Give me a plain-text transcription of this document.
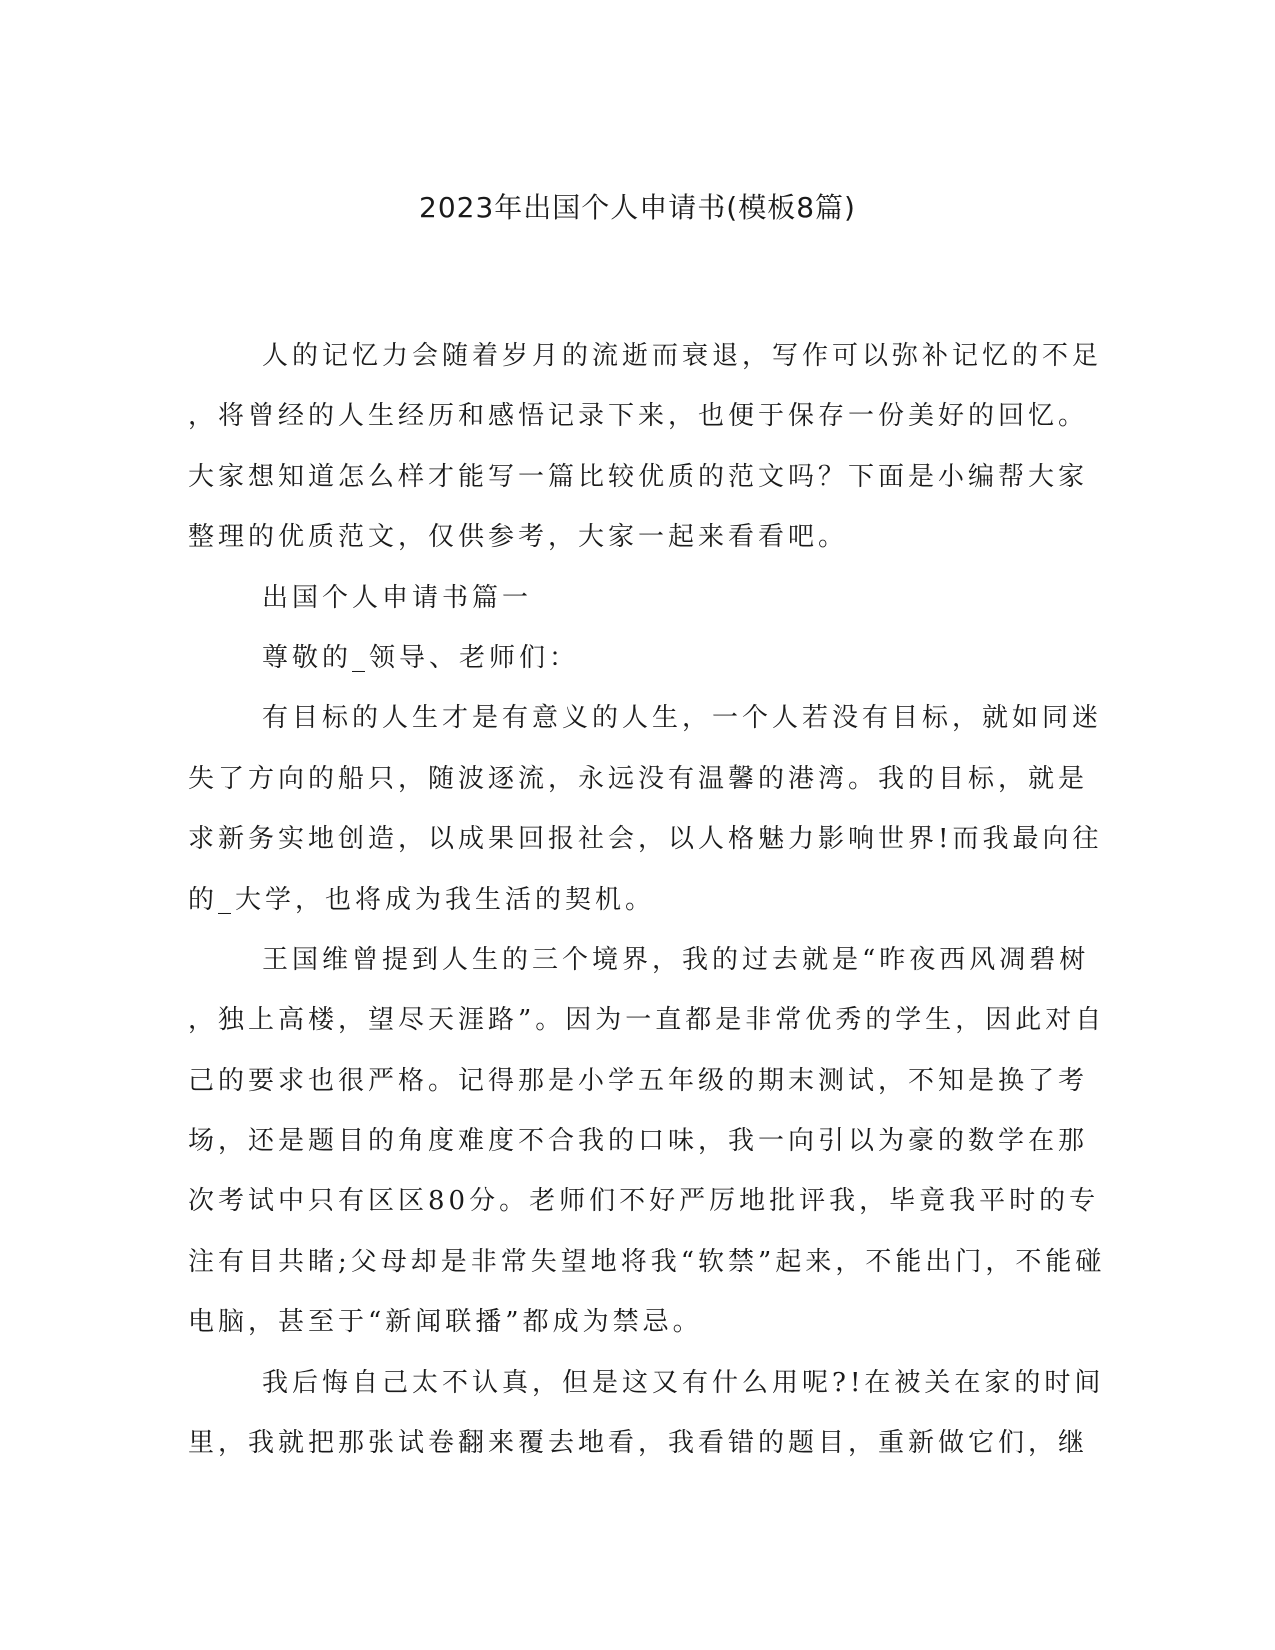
2023年出国个人申请书(模板8篇)
人的记忆力会随着岁月的流逝而衰退，写作可以弥补记忆的不足
，将曾经的人生经历和感悟记录下来，也便于保存一份美好的回忆。
大家想知道怎么样才能写一篇比较优质的范文吗？下面是小编帮大家
整理的优质范文，仅供参考，大家一起来看看吧。
出国个人申请书篇一
尊敬的_领导、老师们：
有目标的人生才是有意义的人生，一个人若没有目标，就如同迷
失了方向的船只，随波逐流，永远没有温馨的港湾。我的目标，就是
求新务实地创造，以成果回报社会，以人格魅力影响世界!而我最向往
的_大学，也将成为我生活的契机。
王国维曾提到人生的三个境界，我的过去就是“昨夜西风凋碧树
，独上高楼，望尽天涯路”。因为一直都是非常优秀的学生，因此对自
己的要求也很严格。记得那是小学五年级的期末测试，不知是换了考
场，还是题目的角度难度不合我的口味，我一向引以为豪的数学在那
次考试中只有区区80分。老师们不好严厉地批评我，毕竟我平时的专
注有目共睹;父母却是非常失望地将我“软禁”起来，不能出门，不能碰
电脑，甚至于“新闻联播”都成为禁忌。
我后悔自己太不认真，但是这又有什么用呢?!在被关在家的时间
里，我就把那张试卷翻来覆去地看，我看错的题目，重新做它们，继
